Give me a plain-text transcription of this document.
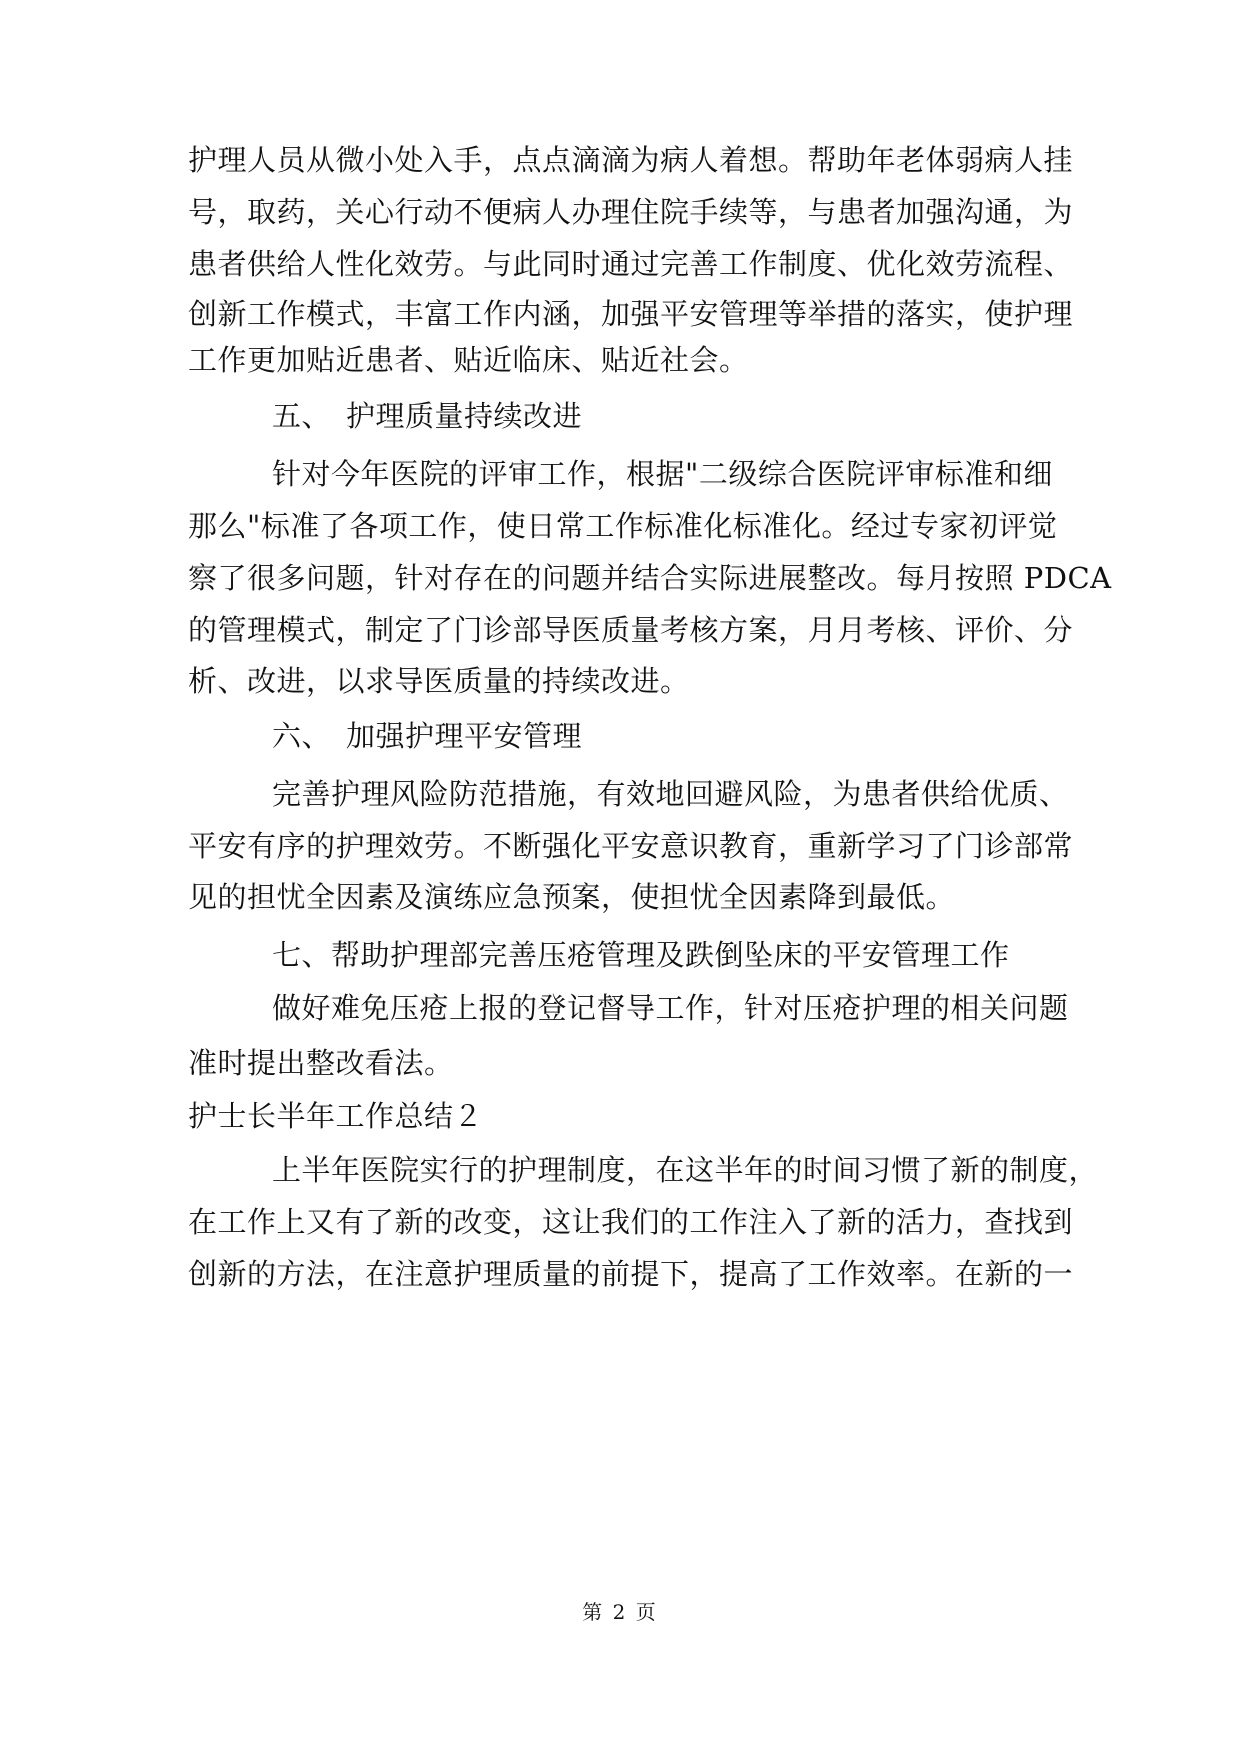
护理人员从微小处入手，点点滴滴为病人着想。帮助年老体弱病人挂
号，取药，关心行动不便病人办理住院手续等，与患者加强沟通，为
患者供给人性化效劳。与此同时通过完善工作制度、优化效劳流程、
创新工作模式，丰富工作内涵，加强平安管理等举措的落实，使护理
工作更加贴近患者、贴近临床、贴近社会。
五、 护理质量持续改进
针对今年医院的评审工作，根据"二级综合医院评审标准和细
那么"标准了各项工作，使日常工作标准化标准化。经过专家初评觉
察了很多问题，针对存在的问题并结合实际进展整改。每月按照 PDCA
的管理模式，制定了门诊部导医质量考核方案，月月考核、评价、分
析、改进，以求导医质量的持续改进。
六、 加强护理平安管理
完善护理风险防范措施，有效地回避风险，为患者供给优质、
平安有序的护理效劳。不断强化平安意识教育，重新学习了门诊部常
见的担忧全因素及演练应急预案，使担忧全因素降到最低。
七、帮助护理部完善压疮管理及跌倒坠床的平安管理工作
做好难免压疮上报的登记督导工作，针对压疮护理的相关问题
准时提出整改看法。
护士长半年工作总结２
上半年医院实行的护理制度，在这半年的时间习惯了新的制度，
在工作上又有了新的改变，这让我们的工作注入了新的活力，查找到
创新的方法，在注意护理质量的前提下，提高了工作效率。在新的一
第 2 页
